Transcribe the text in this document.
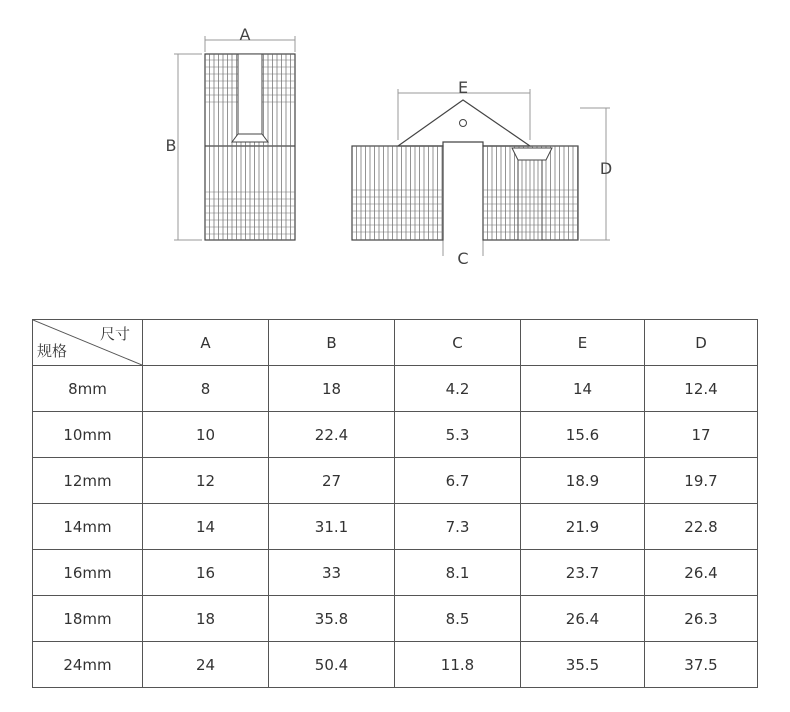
A
B
E
D
C
尺寸
规格	A	B	C	E	D
8mm	8	18	4.2	14	12.4
10mm	10	22.4	5.3	15.6	17
12mm	12	27	6.7	18.9	19.7
14mm	14	31.1	7.3	21.9	22.8
16mm	16	33	8.1	23.7	26.4
18mm	18	35.8	8.5	26.4	26.3
24mm	24	50.4	11.8	35.5	37.5
